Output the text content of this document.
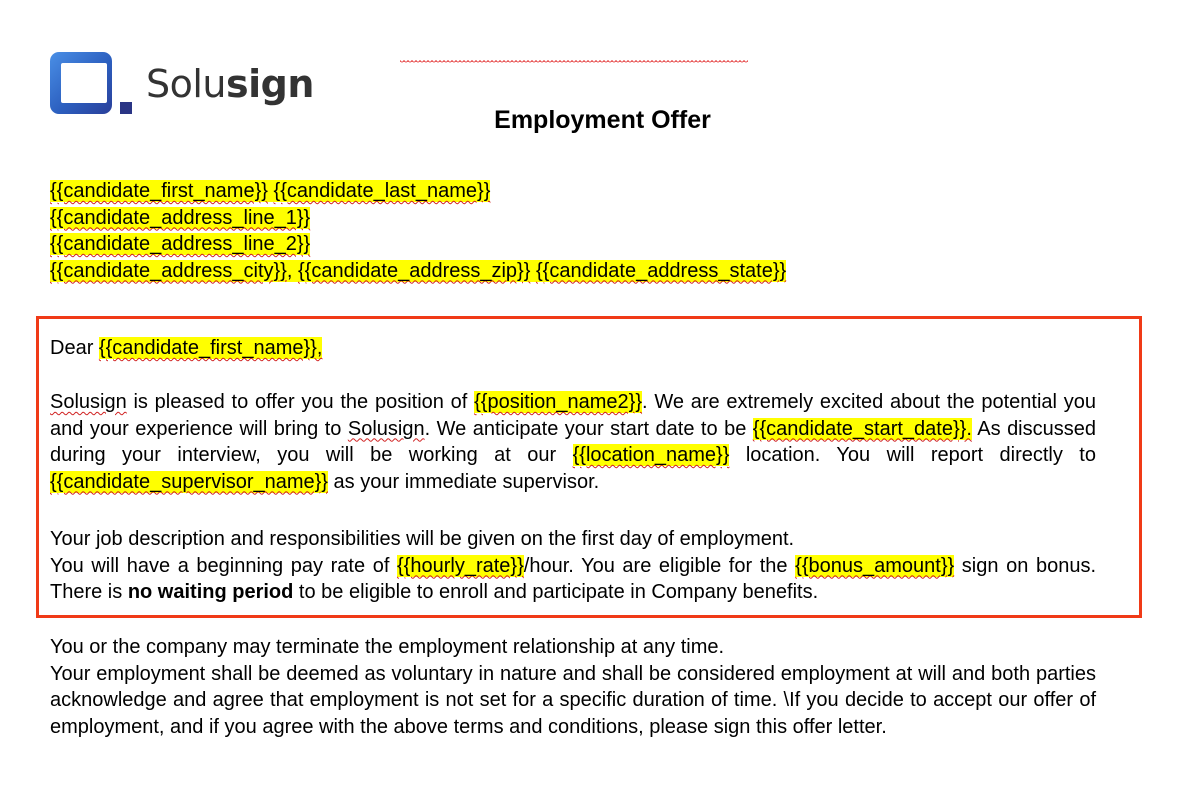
Solusign
Employment Offer
{{candidate_first_name}} {{candidate_last_name}}
{{candidate_address_line_1}}
{{candidate_address_line_2}}
{{candidate_address_city}}, {{candidate_address_zip}} {{candidate_address_state}}
Dear {{candidate_first_name}},
Solusign is pleased to offer you the position of {{position_name2}}. We are extremely excited about the potential you and your experience will bring to Solusign. We anticipate your start date to be {{candidate_start_date}}. As discussed during your interview, you will be working at our {{location_name}} location. You will report directly to {{candidate_supervisor_name}} as your immediate supervisor.
Your job description and responsibilities will be given on the first day of employment.
You will have a beginning pay rate of {{hourly_rate}}/hour. You are eligible for the {{bonus_amount}} sign on bonus. There is no waiting period to be eligible to enroll and participate in Company benefits.
You or the company may terminate the employment relationship at any time.
Your employment shall be deemed as voluntary in nature and shall be considered employment at will and both parties acknowledge and agree that employment is not set for a specific duration of time. \If you decide to accept our offer of employment, and if you agree with the above terms and conditions, please sign this offer letter.
